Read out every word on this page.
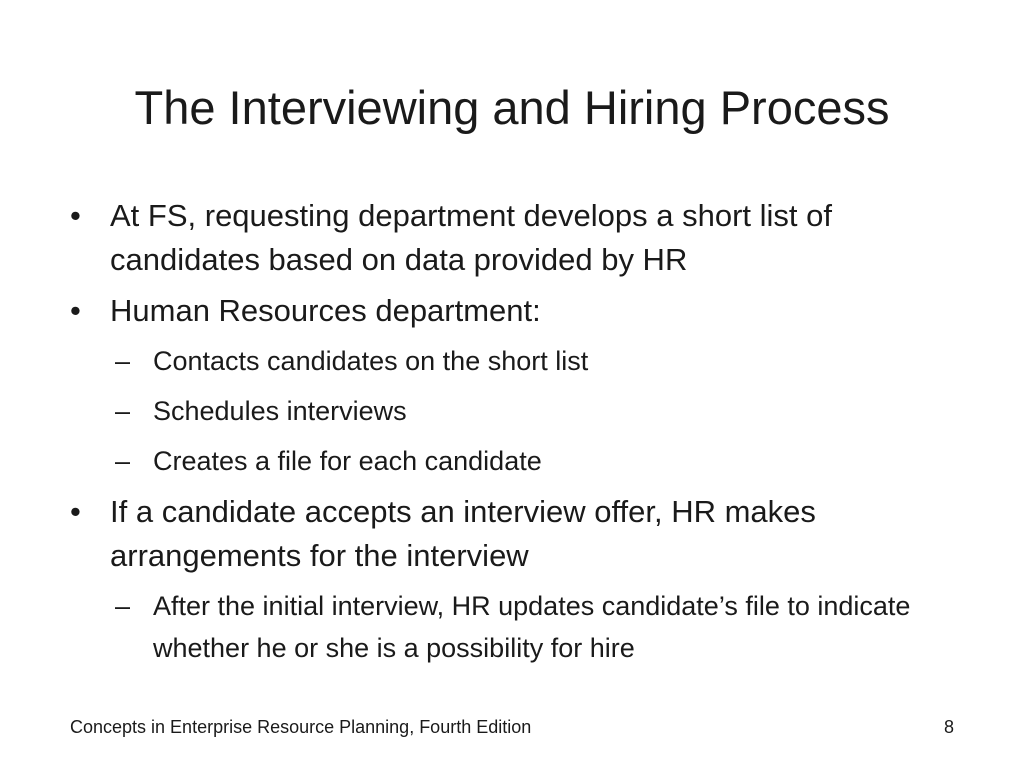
The Interviewing and Hiring Process
• At FS, requesting department develops a short list of candidates based on data provided by HR
• Human Resources department:
– Contacts candidates on the short list
– Schedules interviews
– Creates a file for each candidate
• If a candidate accepts an interview offer, HR makes arrangements for the interview
– After the initial interview, HR updates candidate’s file to indicate whether he or she is a possibility for hire
Concepts in Enterprise Resource Planning, Fourth Edition	8
